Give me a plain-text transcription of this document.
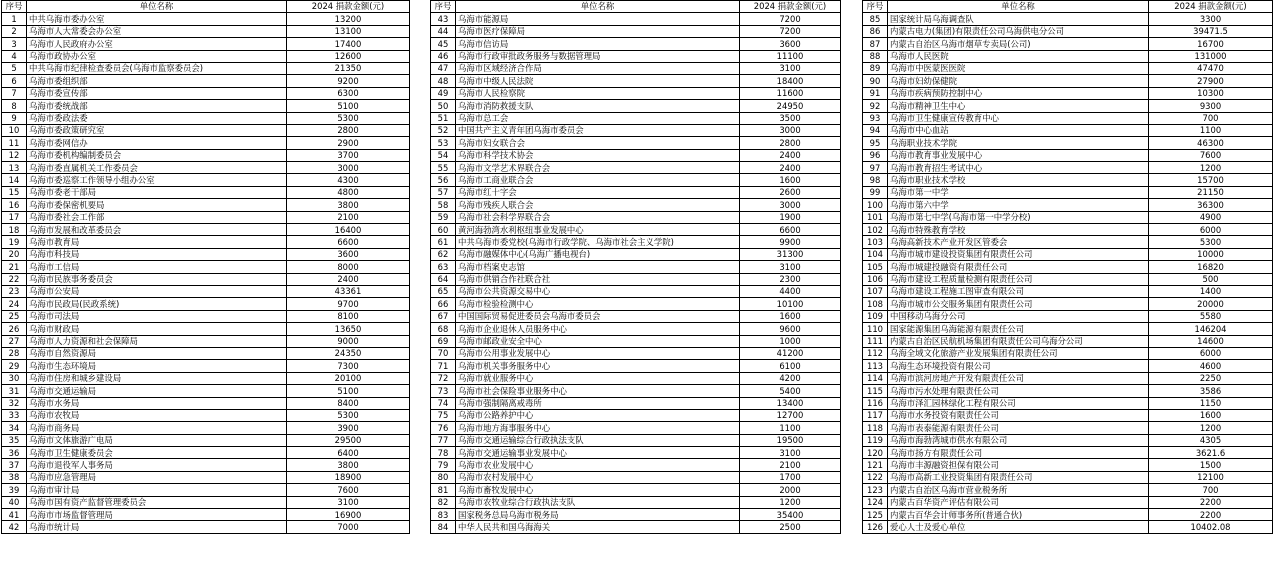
序号	单位名称	2024 捐款金额(元)
1	中共乌海市委办公室	13200
2	乌海市人大常委会办公室	13100
3	乌海市人民政府办公室	17400
4	乌海市政协办公室	12600
5	中共乌海市纪律检查委员会(乌海市监察委员会)	21350
6	乌海市委组织部	9200
7	乌海市委宣传部	6300
8	乌海市委统战部	5100
9	乌海市委政法委	5300
10	乌海市委政策研究室	2800
11	乌海市委网信办	2900
12	乌海市委机构编制委员会	3700
13	乌海市委直属机关工作委员会	3000
14	乌海市委巡察工作领导小组办公室	4300
15	乌海市委老干部局	4800
16	乌海市委保密机要局	3800
17	乌海市委社会工作部	2100
18	乌海市发展和改革委员会	16400
19	乌海市教育局	6600
20	乌海市科技局	3600
21	乌海市工信局	8000
22	乌海市民族事务委员会	2400
23	乌海市公安局	43361
24	乌海市民政局(民政系统)	9700
25	乌海市司法局	8100
26	乌海市财政局	13650
27	乌海市人力资源和社会保障局	9000
28	乌海市自然资源局	24350
29	乌海市生态环境局	7300
30	乌海市住房和城乡建设局	20100
31	乌海市交通运输局	5100
32	乌海市水务局	8400
33	乌海市农牧局	5300
34	乌海市商务局	3900
35	乌海市文体旅游广电局	29500
36	乌海市卫生健康委员会	6400
37	乌海市退役军人事务局	3800
38	乌海市应急管理局	18900
39	乌海市审计局	7600
40	乌海市国有资产监督管理委员会	3100
41	乌海市市场监督管理局	16900
42	乌海市统计局	7000
序号	单位名称	2024 捐款金额(元)
43	乌海市能源局	7200
44	乌海市医疗保障局	7200
45	乌海市信访局	3600
46	乌海市行政审批政务服务与数据管理局	11100
47	乌海市区域经济合作局	3100
48	乌海市中级人民法院	18400
49	乌海市人民检察院	11600
50	乌海市消防救援支队	24950
51	乌海市总工会	3500
52	中国共产主义青年团乌海市委员会	3000
53	乌海市妇女联合会	2800
54	乌海市科学技术协会	2400
55	乌海市文学艺术界联合会	2400
56	乌海市工商业联合会	1600
57	乌海市红十字会	2600
58	乌海市残疾人联合会	3000
59	乌海市社会科学界联合会	1900
60	黄河海勃湾水利枢纽事业发展中心	6600
61	中共乌海市委党校(乌海市行政学院、乌海市社会主义学院)	9900
62	乌海市融媒体中心(乌海广播电视台)	31300
63	乌海市档案史志馆	3100
64	乌海市供销合作社联合社	2300
65	乌海市公共资源交易中心	4400
66	乌海市检验检测中心	10100
67	中国国际贸易促进委员会乌海市委员会	1600
68	乌海市企业退休人员服务中心	9600
69	乌海市邮政业安全中心	1000
70	乌海市公用事业发展中心	41200
71	乌海市机关事务服务中心	6100
72	乌海市就业服务中心	4200
73	乌海市社会保险事业服务中心	5400
74	乌海市强制隔离戒毒所	13400
75	乌海市公路养护中心	12700
76	乌海市地方海事服务中心	1100
77	乌海市交通运输综合行政执法支队	19500
78	乌海市交通运输事业发展中心	3100
79	乌海市农业发展中心	2100
80	乌海市农村发展中心	1700
81	乌海市畜牧发展中心	2000
82	乌海市农牧业综合行政执法支队	1200
83	国家税务总局乌海市税务局	35400
84	中华人民共和国乌海海关	2500
序号	单位名称	2024 捐款金额(元)
85	国家统计局乌海调查队	3300
86	内蒙古电力(集团)有限责任公司乌海供电分公司	39471.5
87	内蒙古自治区乌海市烟草专卖局(公司)	16700
88	乌海市人民医院	131000
89	乌海市中医蒙医医院	47470
90	乌海市妇幼保健院	27900
91	乌海市疾病预防控制中心	10300
92	乌海市精神卫生中心	9300
93	乌海市卫生健康宣传教育中心	700
94	乌海市中心血站	1100
95	乌海职业技术学院	46300
96	乌海市教育事业发展中心	7600
97	乌海市教育招生考试中心	1200
98	乌海市职业技术学校	15700
99	乌海市第一中学	21150
100	乌海市第六中学	36300
101	乌海市第七中学(乌海市第一中学分校)	4900
102	乌海市特殊教育学校	6000
103	乌海高新技术产业开发区管委会	5300
104	乌海市城市建设投资集团有限责任公司	10000
105	乌海市城建投融资有限责任公司	16820
106	乌海市建设工程质量检测有限责任公司	500
107	乌海市建设工程施工图审查有限公司	1400
108	乌海市城市公交服务集团有限责任公司	20000
109	中国移动乌海分公司	5580
110	国家能源集团乌海能源有限责任公司	146204
111	内蒙古自治区民航机场集团有限责任公司乌海分公司	14600
112	乌海全域文化旅游产业发展集团有限责任公司	6000
113	乌海生态环境投资有限公司	4600
114	乌海市滨河房地产开发有限责任公司	2250
115	乌海市污水处理有限责任公司	3586
116	乌海市泽汇园林绿化工程有限公司	1150
117	乌海市水务投资有限责任公司	1600
118	乌海市表泰能源有限责任公司	1200
119	乌海市海勃湾城市供水有限公司	4305
120	乌海市扬方有限责任公司	3621.6
121	乌海市丰源融资担保有限公司	1500
122	乌海市高新工业投资集团有限责任公司	12100
123	内蒙古自治区乌海市营业税务所	700
124	内蒙古百华资产评估有限公司	2200
125	内蒙古百华会计师事务所(普通合伙)	2200
126	爱心人士及爱心单位	10402.08
